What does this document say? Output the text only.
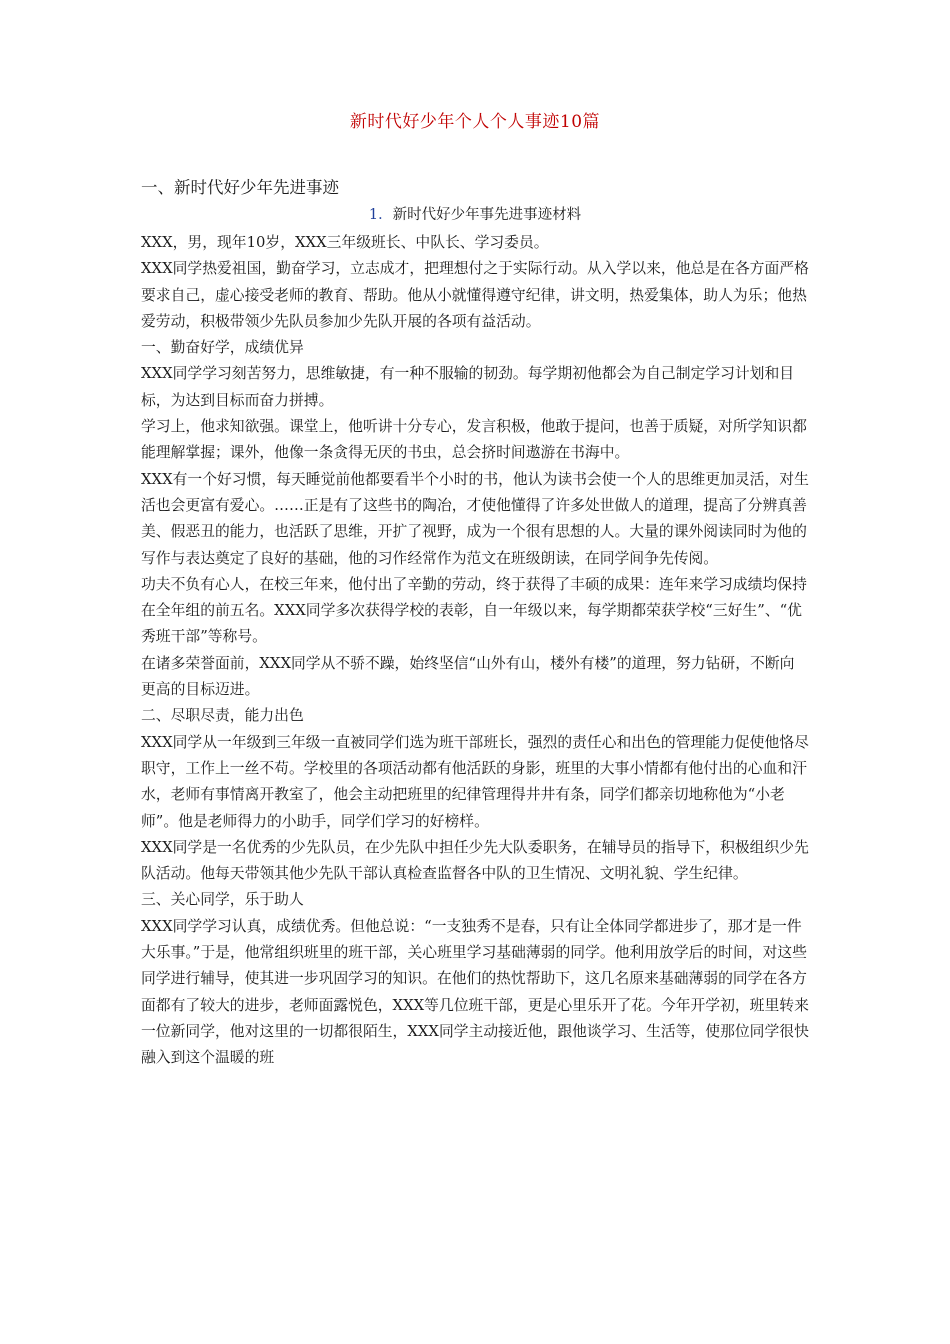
新时代好少年个人个人事迹10篇
一、新时代好少年先进事迹
1．新时代好少年事先进事迹材料

XXX，男，现年10岁，XXX三年级班长、中队长、学习委员。

XXX同学热爱祖国，勤奋学习，立志成才，把理想付之于实际行动。从入学以来，他总是在各方面严格要求自己，虚心接受老师的教育、帮助。他从小就懂得遵守纪律，讲文明，热爱集体，助人为乐；他热爱劳动，积极带领少先队员参加少先队开展的各项有益活动。

一、勤奋好学，成绩优异

XXX同学学习刻苦努力，思维敏捷，有一种不服输的韧劲。每学期初他都会为自己制定学习计划和目标，为达到目标而奋力拼搏。

学习上，他求知欲强。课堂上，他听讲十分专心，发言积极，他敢于提问，也善于质疑，对所学知识都能理解掌握；课外，他像一条贪得无厌的书虫，总会挤时间遨游在书海中。

XXX有一个好习惯，每天睡觉前他都要看半个小时的书，他认为读书会使一个人的思维更加灵活，对生活也会更富有爱心。……正是有了这些书的陶冶，才使他懂得了许多处世做人的道理，提高了分辨真善美、假恶丑的能力，也活跃了思维，开扩了视野，成为一个很有思想的人。大量的课外阅读同时为他的写作与表达奠定了良好的基础，他的习作经常作为范文在班级朗读，在同学间争先传阅。

功夫不负有心人，在校三年来，他付出了辛勤的劳动，终于获得了丰硕的成果：连年来学习成绩均保持在全年组的前五名。XXX同学多次获得学校的表彰，自一年级以来，每学期都荣获学校“三好生”、“优秀班干部”等称号。

在诸多荣誉面前，XXX同学从不骄不躁，始终坚信“山外有山，楼外有楼”的道理，努力钻研，不断向更高的目标迈进。

二、尽职尽责，能力出色

XXX同学从一年级到三年级一直被同学们选为班干部班长，强烈的责任心和出色的管理能力促使他恪尽职守，工作上一丝不苟。学校里的各项活动都有他活跃的身影，班里的大事小情都有他付出的心血和汗水，老师有事情离开教室了，他会主动把班里的纪律管理得井井有条，同学们都亲切地称他为“小老师”。他是老师得力的小助手，同学们学习的好榜样。

XXX同学是一名优秀的少先队员，在少先队中担任少先大队委职务，在辅导员的指导下，积极组织少先队活动。他每天带领其他少先队干部认真检查监督各中队的卫生情况、文明礼貌、学生纪律。

三、关心同学，乐于助人

XXX同学学习认真，成绩优秀。但他总说：“一支独秀不是春，只有让全体同学都进步了，那才是一件大乐事。”于是，他常组织班里的班干部，关心班里学习基础薄弱的同学。他利用放学后的时间，对这些同学进行辅导，使其进一步巩固学习的知识。在他们的热忱帮助下，这几名原来基础薄弱的同学在各方面都有了较大的进步，老师面露悦色，XXX等几位班干部，更是心里乐开了花。今年开学初，班里转来一位新同学，他对这里的一切都很陌生，XXX同学主动接近他，跟他谈学习、生活等，使那位同学很快融入到这个温暖的班
